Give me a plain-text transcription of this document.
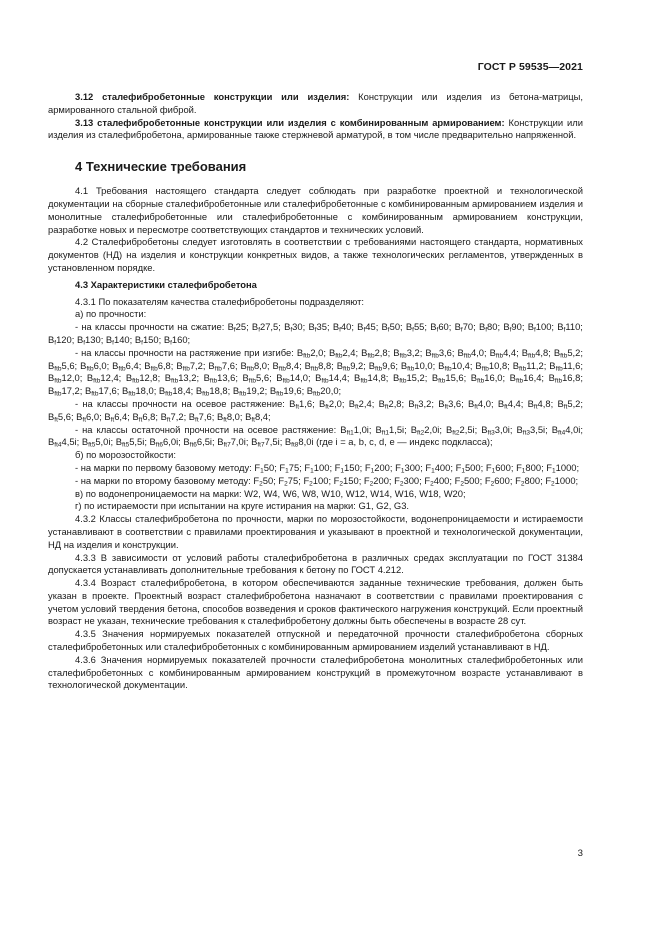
ГОСТ Р 59535—2021

3.12 сталефибробетонные конструкции или изделия: Конструкции или изделия из бетона-матрицы, армированного стальной фиброй.

3.13 сталефибробетонные конструкции или изделия с комбинированным армированием: Конструкции или изделия из сталефибробетона, армированные также стержневой арматурой, в том числе предварительно напряженной.

4 Технические требования

4.1 Требования настоящего стандарта следует соблюдать при разработке проектной и технологической документации на сборные сталефибробетонные или сталефибробетонные с комбинированным армированием изделия и монолитные сталефибробетонные или сталефибробетонные с комбинированным армированием конструкции, разработке новых и пересмотре соответствующих стандартов и технических условий.

4.2 Сталефибробетоны следует изготовлять в соответствии с требованиями настоящего стандарта, нормативных документов (НД) на изделия и конструкции конкретных видов, а также технологических регламентов, утвержденных в установленном порядке.

4.3 Характеристики сталефибробетона

4.3.1 По показателям качества сталефибробетоны подразделяют:

а) по прочности:

- на классы прочности на сжатие: $B_f25$; $B_f27,5$; $B_f30$; $B_f35$; $B_f40$; $B_f45$; $B_f50$; $B_f55$; $B_f60$; $B_f70$; $B_f80$; $B_f90$; $B_f100$; $B_f110$; $B_f120$; $B_f130$; $B_f140$; $B_f150$; $B_f160$;

- на классы прочности на растяжение при изгибе: $B_{ftb}2,0$; $B_{ftb}2,4$; $B_{ftb}2,8$; $B_{ftb}3,2$; $B_{ftb}3,6$; $B_{ftb}4,0$; $B_{ftb}4,4$; $B_{ftb}4,8$; $B_{ftb}5,2$; $B_{ftb}5,6$; $B_{ftb}6,0$; $B_{ftb}6,4$; $B_{ftb}6,8$; $B_{ftb}7,2$; $B_{ftb}7,6$; $B_{ftb}8,0$; $B_{ftb}8,4$; $B_{ftb}8,8$; $B_{ftb}9,2$; $B_{ftb}9,6$; $B_{ftb}10,0$; $B_{ftb}10,4$; $B_{ftb}10,8$; $B_{ftb}11,2$; $B_{ftb}11,6$; $B_{ftb}12,0$; $B_{ftb}12,4$; $B_{ftb}12,8$; $B_{ftb}13,2$; $B_{ftb}13,6$; $B_{ftb}5,6$; $B_{ftb}14,0$; $B_{ftb}14,4$; $B_{ftb}14,8$; $B_{ftb}15,2$; $B_{ftb}15,6$; $B_{ftb}16,0$; $B_{ftb}16,4$; $B_{ftb}16,8$; $B_{ftb}17,2$; $B_{ftb}17,6$; $B_{ftb}18,0$; $B_{ftb}18,4$; $B_{ftb}18,8$; $B_{ftb}19,2$; $B_{ftb}19,6$; $B_{ftb}20,0$;

- на классы прочности на осевое растяжение: $B_{ft}1,6$; $B_{ft}2,0$; $B_{ft}2,4$; $B_{ft}2,8$; $B_{ft}3,2$; $B_{ft}3,6$; $B_{ft}4,0$; $B_{ft}4,4$; $B_{ft}4,8$; $B_{ft}5,2$; $B_{ft}5,6$; $B_{ft}6,0$; $B_{ft}6,4$; $B_{ft}6,8$; $B_{ft}7,2$; $B_{ft}7,6$; $B_{ft}8,0$; $B_{ft}8,4$;

- на классы остаточной прочности на осевое растяжение: $B_{ft1}1,0i$; $B_{ft1}1,5i$; $B_{ft2}2,0i$; $B_{ft2}2,5i$; $B_{ft3}3,0i$; $B_{ft3}3,5i$; $B_{ft4}4,0i$; $B_{ft4}4,5i$; $B_{ft5}5,0i$; $B_{ft5}5,5i$; $B_{ft6}6,0i$; $B_{ft6}6,5i$; $B_{ft7}7,0i$; $B_{ft7}7,5i$; $B_{ft8}8,0i$ (где i = a, b, c, d, e — индекс подкласса);

б) по морозостойкости:

- на марки по первому базовому методу: $F_150$; $F_175$; $F_1100$; $F_1150$; $F_1200$; $F_1300$; $F_1400$; $F_1500$; $F_1600$; $F_1800$; $F_11000$;

- на марки по второму базовому методу: $F_250$; $F_275$; $F_2100$; $F_2150$; $F_2200$; $F_2300$; $F_2400$; $F_2500$; $F_2600$; $F_2800$; $F_21000$;

в) по водонепроницаемости на марки: W2, W4, W6, W8, W10, W12, W14, W16, W18, W20;

г) по истираемости при испытании на круге истирания на марки: G1, G2, G3.

4.3.2 Классы сталефибробетона по прочности, марки по морозостойкости, водонепроницаемости и истираемости устанавливают в соответствии с правилами проектирования и указывают в проектной и технологической документации, НД на изделия и конструкции.

4.3.3 В зависимости от условий работы сталефибробетона в различных средах эксплуатации по ГОСТ 31384 допускается устанавливать дополнительные требования к бетону по ГОСТ 4.212.

4.3.4 Возраст сталефибробетона, в котором обеспечиваются заданные технические требования, должен быть указан в проекте. Проектный возраст сталефибробетона назначают в соответствии с правилами проектирования с учетом условий твердения бетона, способов возведения и сроков фактического нагружения конструкций. Если проектный возраст не указан, технические требования к сталефибробетону должны быть обеспечены в возрасте 28 сут.

4.3.5 Значения нормируемых показателей отпускной и передаточной прочности сталефибробетона сборных сталефибробетонных или сталефибробетонных с комбинированным армированием изделий устанавливают в НД.

4.3.6 Значения нормируемых показателей прочности сталефибробетона монолитных сталефибробетонных или сталефибробетонных с комбинированным армированием конструкций в промежуточном возрасте устанавливают в технологической документации.

3
